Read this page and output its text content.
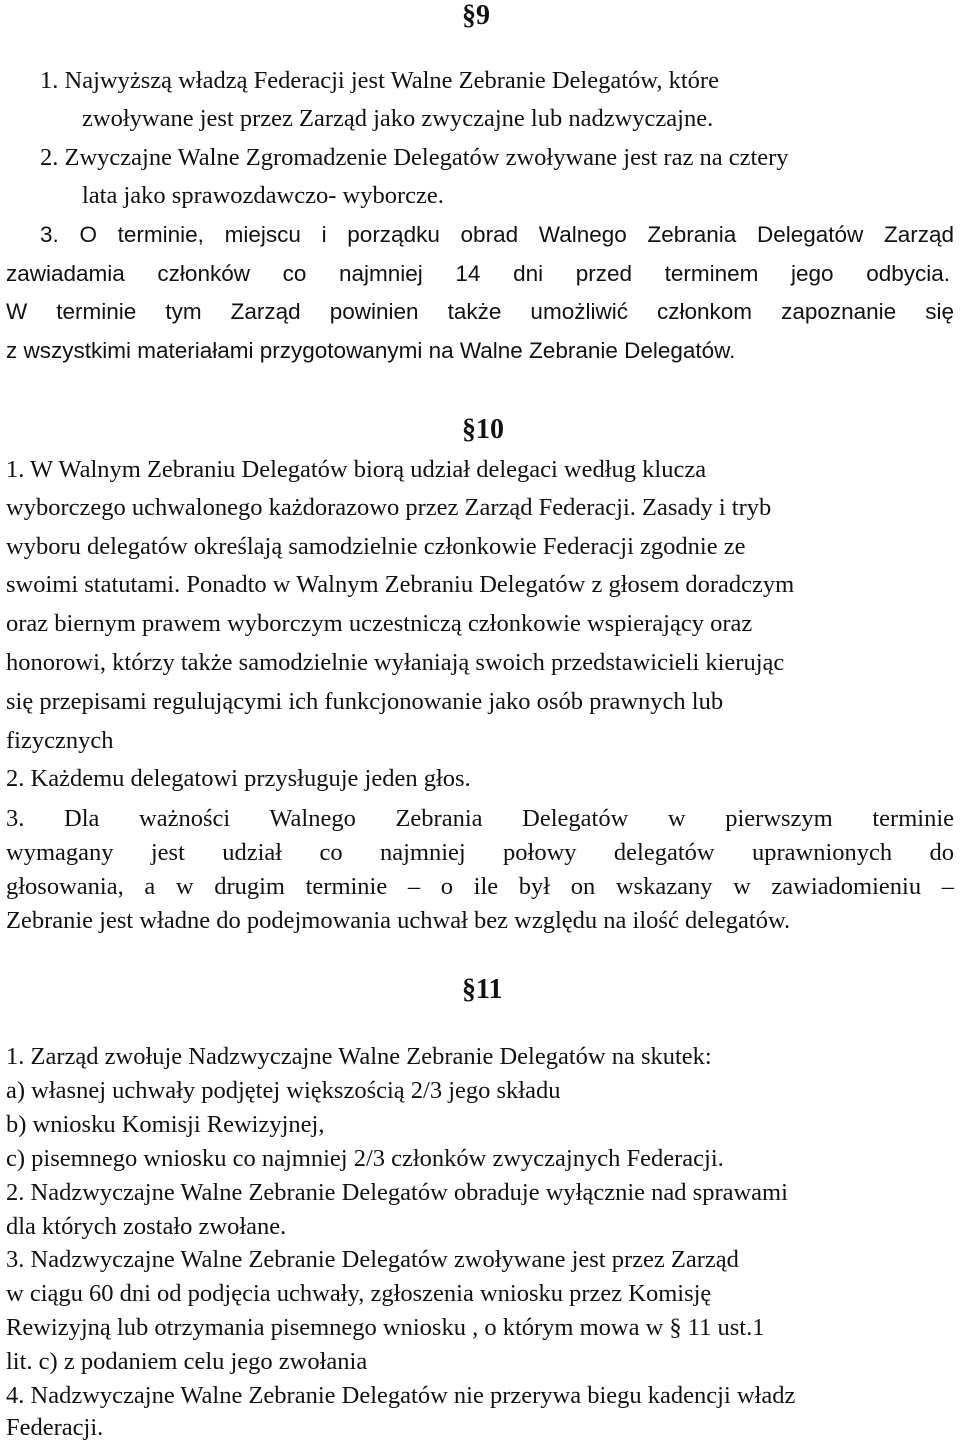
§9
1. Najwyższą władzą Federacji jest Walne Zebranie Delegatów, które
zwoływane jest przez Zarząd jako zwyczajne lub nadzwyczajne.
2. Zwyczajne Walne Zgromadzenie Delegatów zwoływane jest raz na cztery
lata jako sprawozdawczo- wyborcze.
3. O terminie, miejscu i porządku obrad Walnego Zebrania Delegatów Zarząd
zawiadamia członków co najmniej 14 dni przed terminem jego odbycia.
W terminie tym Zarząd powinien także umożliwić członkom zapoznanie się
z wszystkimi materiałami przygotowanymi na Walne Zebranie Delegatów.
§10
1. W Walnym Zebraniu Delegatów biorą udział delegaci według klucza
wyborczego uchwalonego każdorazowo przez Zarząd Federacji. Zasady i tryb
wyboru delegatów określają samodzielnie członkowie Federacji zgodnie ze
swoimi statutami. Ponadto w Walnym Zebraniu Delegatów z głosem doradczym
oraz biernym prawem wyborczym uczestniczą członkowie wspierający oraz
honorowi, którzy także samodzielnie wyłaniają swoich przedstawicieli kierując
się przepisami regulującymi ich funkcjonowanie jako osób prawnych lub
fizycznych
2. Każdemu delegatowi przysługuje jeden głos.
3. Dla ważności Walnego Zebrania Delegatów w pierwszym terminie
wymagany jest udział co najmniej połowy delegatów uprawnionych do
głosowania, a w drugim terminie – o ile był on wskazany w zawiadomieniu –
Zebranie jest władne do podejmowania uchwał bez względu na ilość delegatów.
§11
1. Zarząd zwołuje Nadzwyczajne Walne Zebranie Delegatów na skutek:
a) własnej uchwały podjętej większością 2/3 jego składu
b) wniosku Komisji Rewizyjnej,
c) pisemnego wniosku co najmniej 2/3 członków zwyczajnych Federacji.
2. Nadzwyczajne Walne Zebranie Delegatów obraduje wyłącznie nad sprawami
dla których zostało zwołane.
3. Nadzwyczajne Walne Zebranie Delegatów zwoływane jest przez Zarząd
w ciągu 60 dni od podjęcia uchwały, zgłoszenia wniosku przez Komisję
Rewizyjną lub otrzymania pisemnego wniosku , o którym mowa w § 11 ust.1
lit. c) z podaniem celu jego zwołania
4. Nadzwyczajne Walne Zebranie Delegatów nie przerywa biegu kadencji władz
Federacji.
